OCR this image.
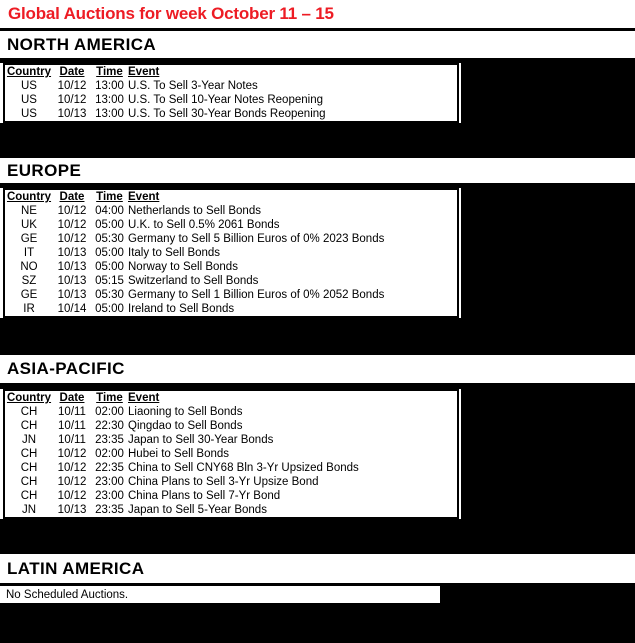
Global Auctions for week October 11 – 15
NORTH AMERICA
Country	Date	Time	Event
US	10/12	13:00	U.S. To Sell 3-Year Notes
US	10/12	13:00	U.S. To Sell 10-Year Notes Reopening
US	10/13	13:00	U.S. To Sell 30-Year Bonds Reopening
EUROPE
Country	Date	Time	Event
NE	10/12	04:00	Netherlands to Sell Bonds
UK	10/12	05:00	U.K. to Sell 0.5% 2061 Bonds
GE	10/12	05:30	Germany to Sell 5 Billion Euros of 0% 2023 Bonds
IT	10/13	05:00	Italy to Sell Bonds
NO	10/13	05:00	Norway to Sell Bonds
SZ	10/13	05:15	Switzerland to Sell Bonds
GE	10/13	05:30	Germany to Sell 1 Billion Euros of 0% 2052 Bonds
IR	10/14	05:00	Ireland to Sell Bonds
ASIA-PACIFIC
Country	Date	Time	Event
CH	10/11	02:00	Liaoning to Sell Bonds
CH	10/11	22:30	Qingdao to Sell Bonds
JN	10/11	23:35	Japan to Sell 30-Year Bonds
CH	10/12	02:00	Hubei to Sell Bonds
CH	10/12	22:35	China to Sell CNY68 Bln 3-Yr Upsized Bonds
CH	10/12	23:00	China Plans to Sell 3-Yr Upsize Bond
CH	10/12	23:00	China Plans to Sell 7-Yr Bond
JN	10/13	23:35	Japan to Sell 5-Year Bonds
LATIN AMERICA
No Scheduled Auctions.
